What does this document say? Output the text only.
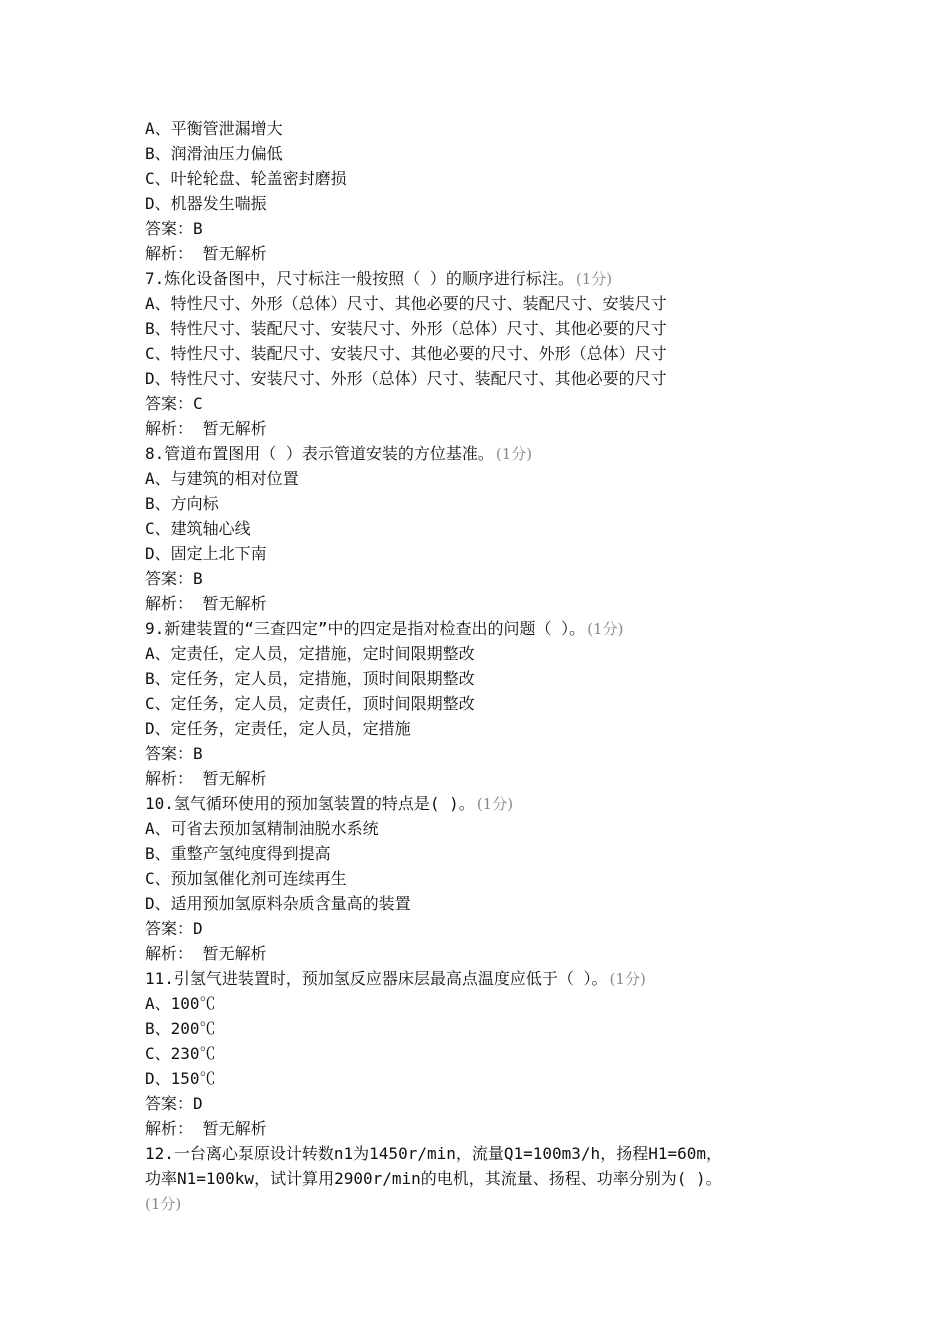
A、平衡管泄漏增大
B、润滑油压力偏低
C、叶轮轮盘、轮盖密封磨损
D、机器发生喘振
答案：B
解析： 暂无解析
7.炼化设备图中，尺寸标注一般按照（ ）的顺序进行标注。 (1分)
A、特性尺寸、外形（总体）尺寸、其他必要的尺寸、装配尺寸、安装尺寸
B、特性尺寸、装配尺寸、安装尺寸、外形（总体）尺寸、其他必要的尺寸
C、特性尺寸、装配尺寸、安装尺寸、其他必要的尺寸、外形（总体）尺寸
D、特性尺寸、安装尺寸、外形（总体）尺寸、装配尺寸、其他必要的尺寸
答案：C
解析： 暂无解析
8.管道布置图用（ ）表示管道安装的方位基准。 (1分)
A、与建筑的相对位置
B、方向标
C、建筑轴心线
D、固定上北下南
答案：B
解析： 暂无解析
9.新建装置的“三查四定”中的四定是指对检查出的问题（ ）。 (1分)
A、定责任，定人员，定措施，定时间限期整改
B、定任务，定人员，定措施，顶时间限期整改
C、定任务，定人员，定责任，顶时间限期整改
D、定任务，定责任，定人员，定措施
答案：B
解析： 暂无解析
10.氢气循环使用的预加氢装置的特点是( )。 (1分)
A、可省去预加氢精制油脱水系统
B、重整产氢纯度得到提高
C、预加氢催化剂可连续再生
D、适用预加氢原料杂质含量高的装置
答案：D
解析： 暂无解析
11.引氢气进装置时，预加氢反应器床层最高点温度应低于（ ）。 (1分)
A、100℃
B、200℃
C、230℃
D、150℃
答案：D
解析： 暂无解析
12.一台离心泵原设计转数n1为1450r/min，流量Q1=100m3/h，扬程H1=60m，
功率N1=100kw，试计算用2900r/min的电机，其流量、扬程、功率分别为( )。
(1分)
